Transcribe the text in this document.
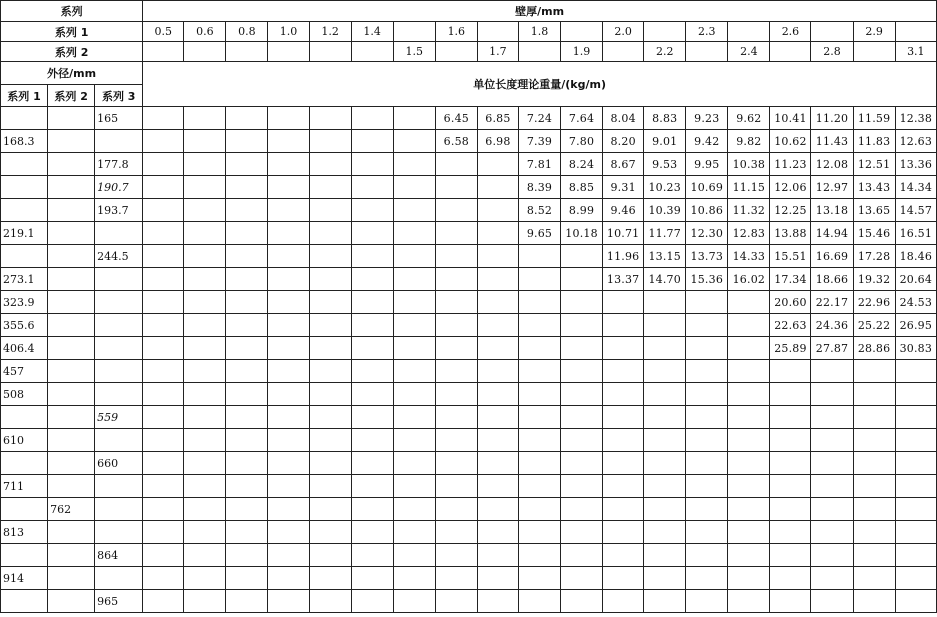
系列			壁厚/mm																		
系列 1			0.5	0.6	0.8	1.0	1.2	1.4		1.6		1.8		2.0		2.3		2.6		2.9	
系列 2									1.5		1.7		1.9		2.2		2.4		2.8		3.1
外径/mm			单位长度理论重量/(kg/m)																		
系列 1	系列 2	系列 3																			
		165								6.45	6.85	7.24	7.64	8.04	8.83	9.23	9.62	10.41	11.20	11.59	12.38
168.3										6.58	6.98	7.39	7.80	8.20	9.01	9.42	9.82	10.62	11.43	11.83	12.63
		177.8										7.81	8.24	8.67	9.53	9.95	10.38	11.23	12.08	12.51	13.36
		190.7										8.39	8.85	9.31	10.23	10.69	11.15	12.06	12.97	13.43	14.34
		193.7										8.52	8.99	9.46	10.39	10.86	11.32	12.25	13.18	13.65	14.57
219.1												9.65	10.18	10.71	11.77	12.30	12.83	13.88	14.94	15.46	16.51
		244.5												11.96	13.15	13.73	14.33	15.51	16.69	17.28	18.46
273.1														13.37	14.70	15.36	16.02	17.34	18.66	19.32	20.64
323.9																		20.60	22.17	22.96	24.53
355.6																		22.63	24.36	25.22	26.95
406.4																		25.89	27.87	28.86	30.83
457																					
508																					
		559																			
610																					
		660																			
711																					
	762																				
813																					
		864																			
914																					
		965																			
